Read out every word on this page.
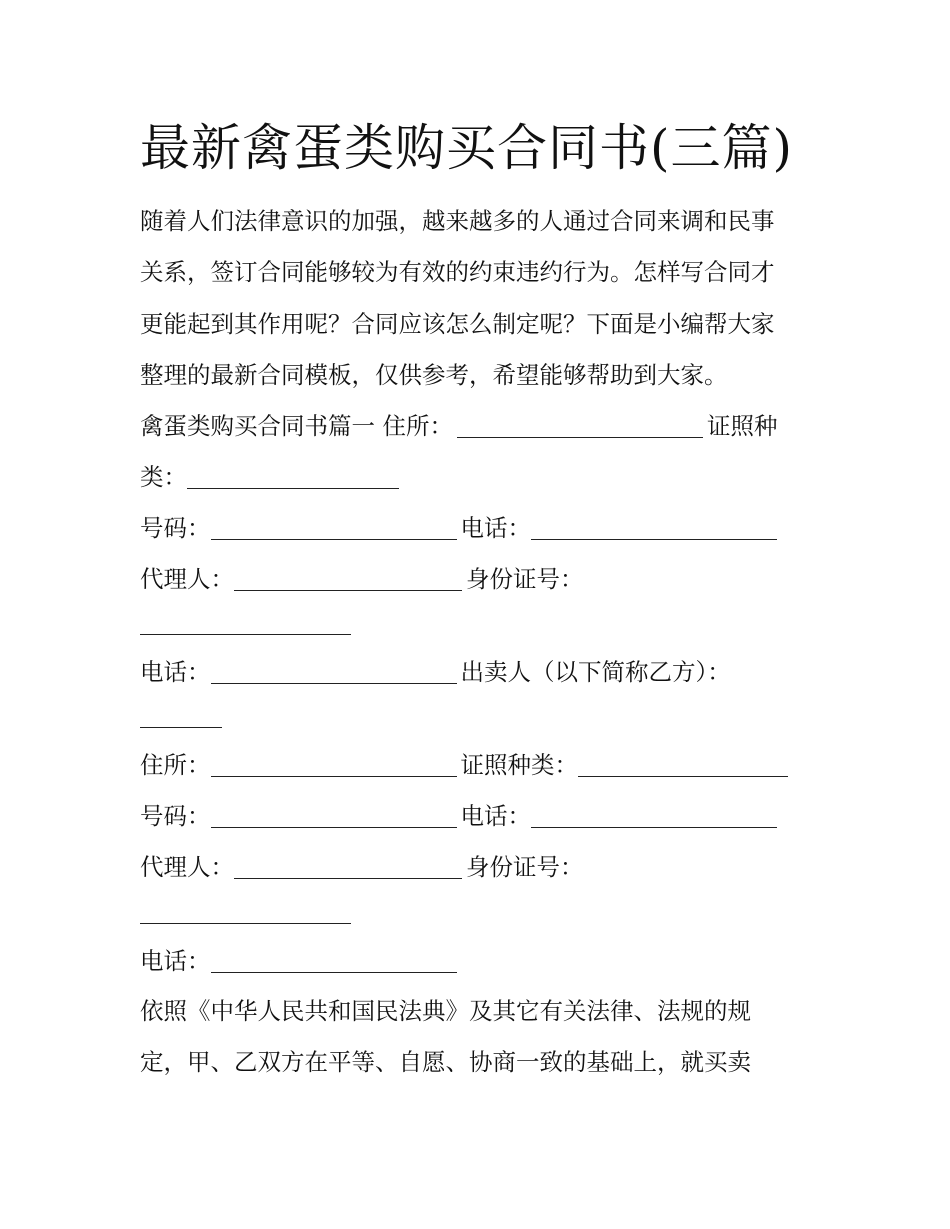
最新禽蛋类购买合同书(三篇)
随着人们法律意识的加强，越来越多的人通过合同来调和民事
关系，签订合同能够较为有效的约束违约行为。怎样写合同才
更能起到其作用呢？合同应该怎么制定呢？下面是小编帮大家
整理的最新合同模板，仅供参考，希望能够帮助到大家。
禽蛋类购买合同书篇一 住所：	证照种
类：
号码：	电话：
代理人：	身份证号：
电话：	出卖人（以下简称乙方）：
住所：	证照种类：
号码：	电话：
代理人：	身份证号：
电话：
依照《中华人民共和国民法典》及其它有关法律、法规的规
定，甲、乙双方在平等、自愿、协商一致的基础上，就买卖
